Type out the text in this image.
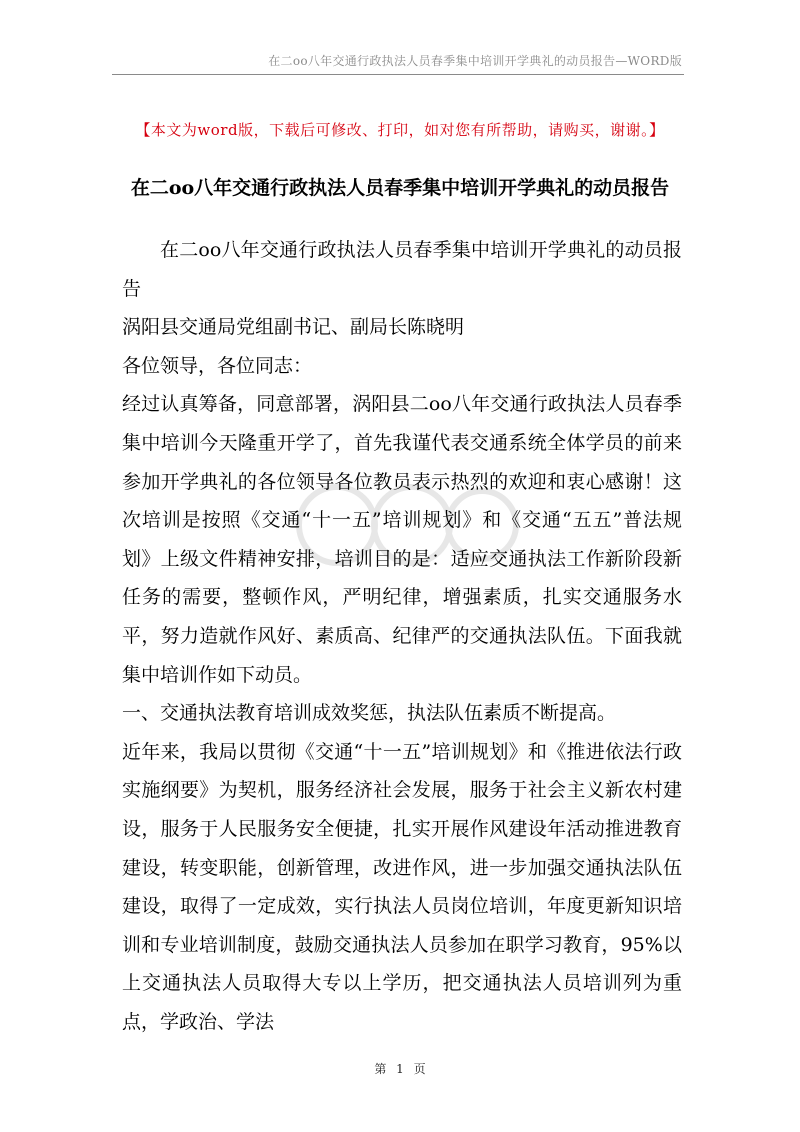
在二oo八年交通行政执法人员春季集中培训开学典礼的动员报告—WORD版
【本文为word版，下载后可修改、打印，如对您有所帮助，请购买，谢谢。】
在二oo八年交通行政执法人员春季集中培训开学典礼的动员报告

在二oo八年交通行政执法人员春季集中培训开学典礼的动员报告

涡阳县交通局党组副书记、副局长陈晓明

各位领导，各位同志：

经过认真筹备，同意部署，涡阳县二oo八年交通行政执法人员春季集中培训今天隆重开学了，首先我谨代表交通系统全体学员的前来参加开学典礼的各位领导各位教员表示热烈的欢迎和衷心感谢！这次培训是按照《交通“十一五”培训规划》和《交通“五五”普法规划》上级文件精神安排，培训目的是：适应交通执法工作新阶段新任务的需要，整顿作风，严明纪律，增强素质，扎实交通服务水平，努力造就作风好、素质高、纪律严的交通执法队伍。下面我就集中培训作如下动员。

一、交通执法教育培训成效奖惩，执法队伍素质不断提高。

近年来，我局以贯彻《交通“十一五”培训规划》和《推进依法行政实施纲要》为契机，服务经济社会发展，服务于社会主义新农村建设，服务于人民服务安全便捷，扎实开展作风建设年活动推进教育建设，转变职能，创新管理，改进作风，进一步加强交通执法队伍建设，取得了一定成效，实行执法人员岗位培训，年度更新知识培训和专业培训制度，鼓励交通执法人员参加在职学习教育，95%以上交通执法人员取得大专以上学历，把交通执法人员培训列为重点，学政治、学法

第 1 页
